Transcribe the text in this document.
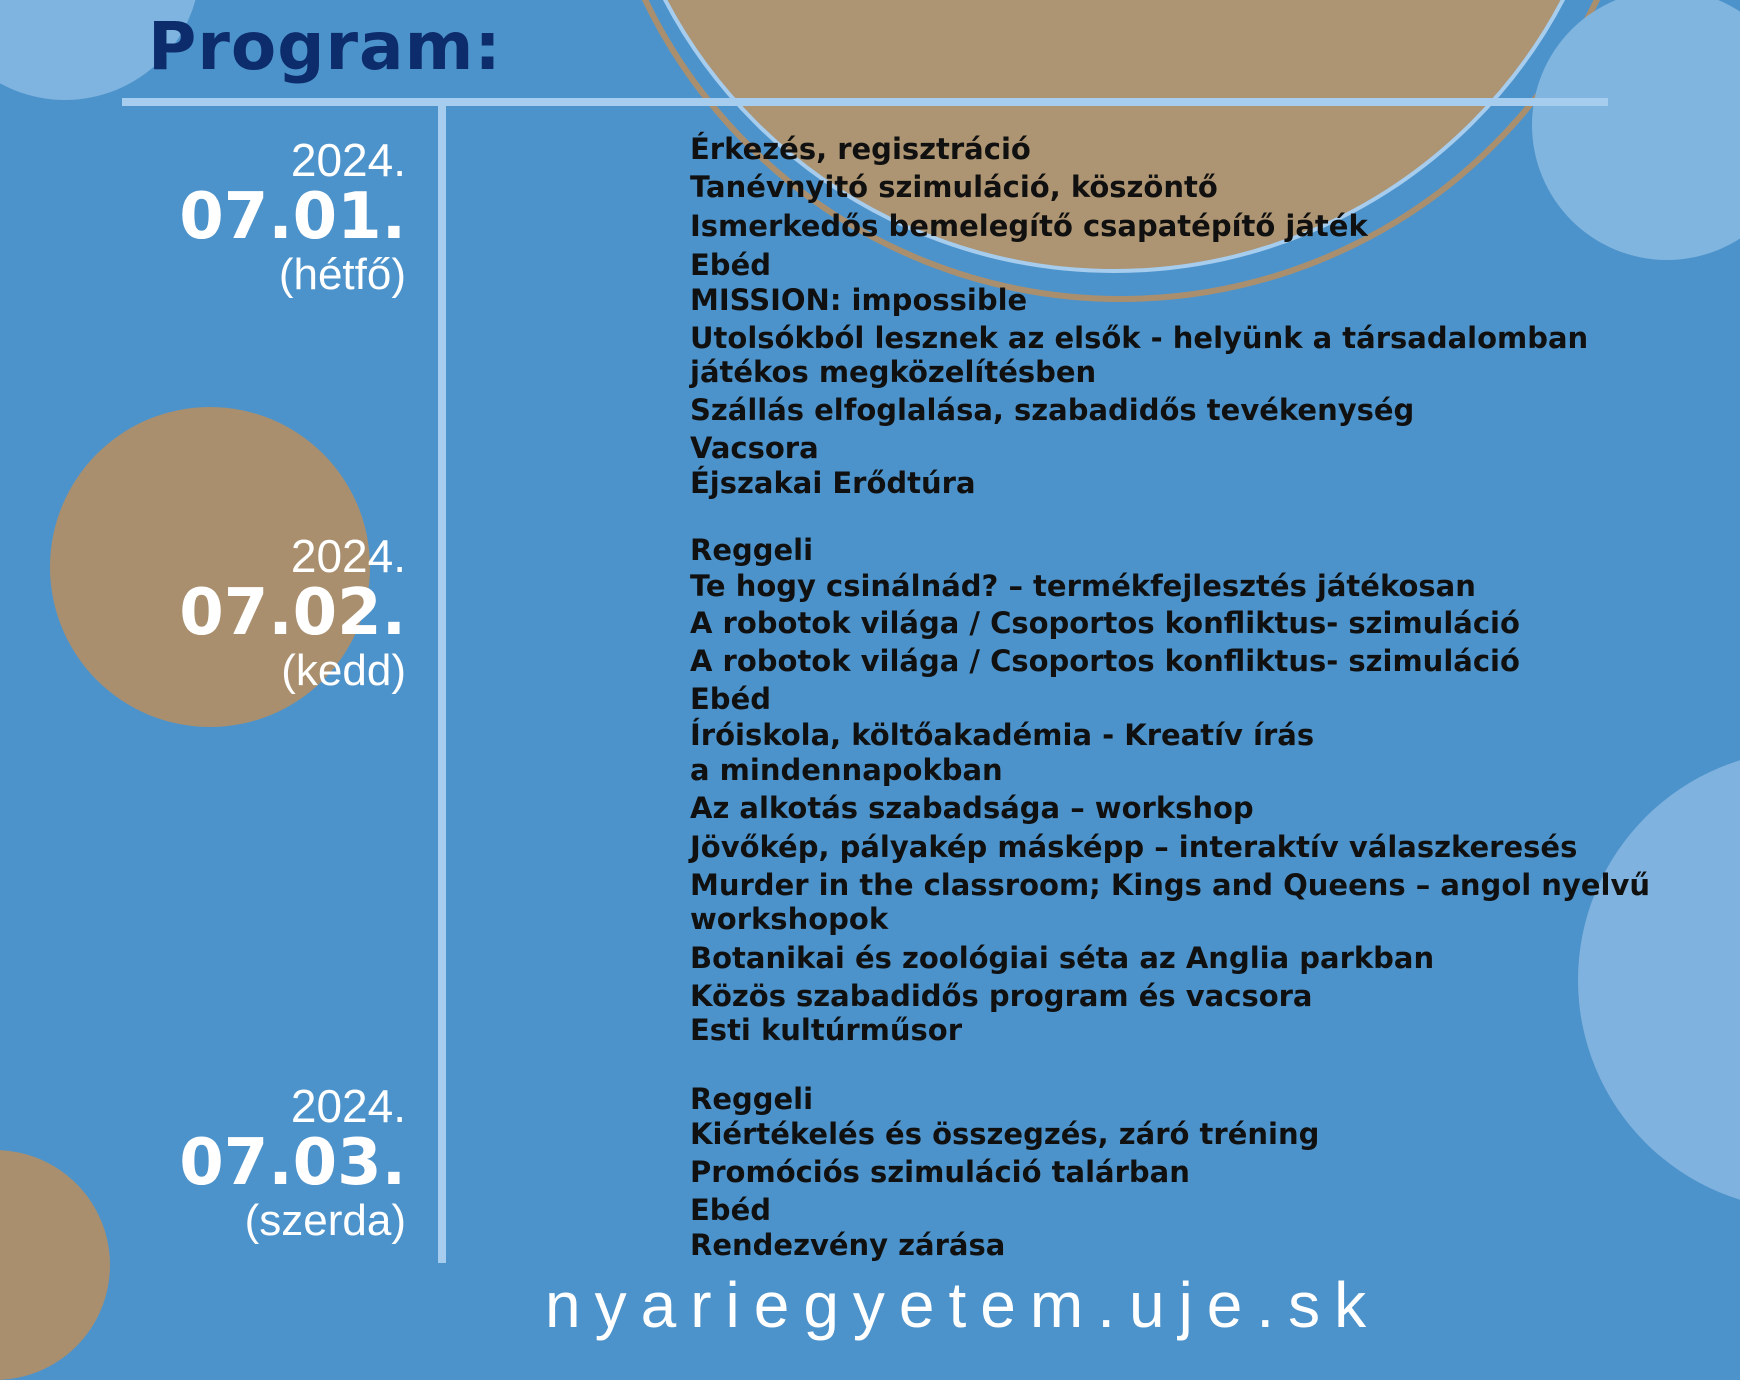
Program:
2024.
07.01.
(hétfő)
2024.
07.02.
(kedd)
2024.
07.03.
(szerda)
Érkezés, regisztráció
Tanévnyitó szimuláció, köszöntő
Ismerkedős bemelegítő csapatépítő játék
Ebéd
MISSION: impossible
Utolsókból lesznek az elsők - helyünk a társadalomban
játékos megközelítésben
Szállás elfoglalása, szabadidős tevékenység
Vacsora
Éjszakai Erődtúra
Reggeli
Te hogy csinálnád? – termékfejlesztés játékosan
A robotok világa / Csoportos konfliktus- szimuláció
A robotok világa / Csoportos konfliktus- szimuláció
Ebéd
Íróiskola, költőakadémia - Kreatív írás
a mindennapokban
Az alkotás szabadsága – workshop
Jövőkép, pályakép másképp – interaktív válaszkeresés
Murder in the classroom; Kings and Queens – angol nyelvű
workshopok
Botanikai és zoológiai séta az Anglia parkban
Közös szabadidős program és vacsora
Esti kultúrműsor
Reggeli
Kiértékelés és összegzés, záró tréning
Promóciós szimuláció talárban
Ebéd
Rendezvény zárása
nyariegyetem.uje.sk
